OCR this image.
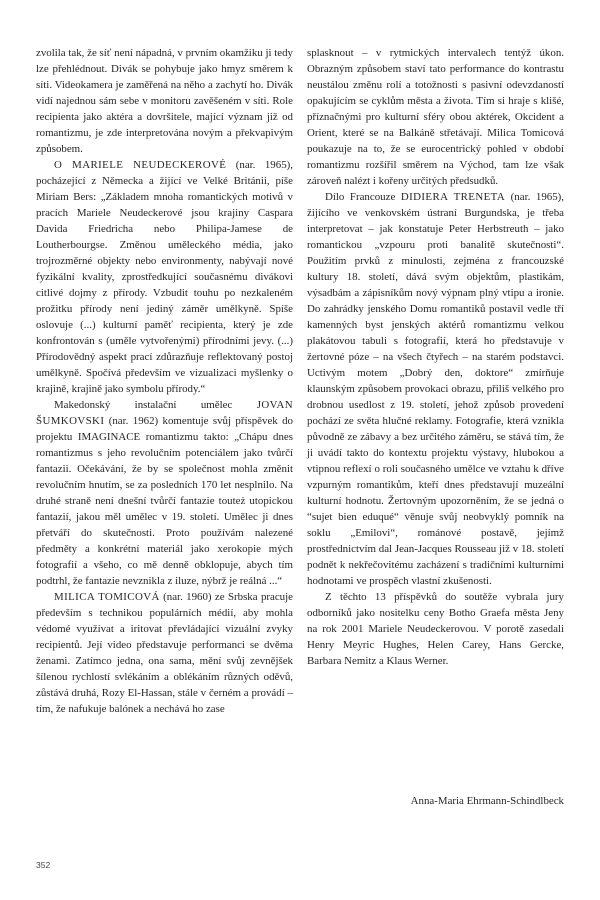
zvolila tak, že síť není nápadná, v prvním okamžiku ji tedy lze přehlédnout. Divák se pohybuje jako hmyz směrem k síti. Videokamera je zaměřená na něho a zachytí ho. Divák vidí najednou sám sebe v monitoru zavěšeném v síti. Role recipienta jako aktéra a dovršitele, mající význam již od romantizmu, je zde interpretována novým a překvapivým způsobem.

O MARIELE NEUDECKEROVÉ (nar. 1965), pocházející z Německa a žijící ve Velké Británii, píše Miriam Bers: „Základem mnoha romantických motivů v pracích Mariele Neudeckerové jsou krajiny Caspara Davida Friedricha nebo Philipa-Jamese de Loutherbourgse. Změnou uměleckého média, jako trojrozměrné objekty nebo environmenty, nabývají nové fyzikální kvality, zprostředkující současnému divákovi citlivé dojmy z přírody. Vzbudit touhu po nezkaleném prožitku přírody není jediný záměr umělkyně. Spíše oslovuje (...) kulturní paměť recipienta, který je zde konfrontován s (uměle vytvořenými) přírodními jevy. (...) Přírodovědný aspekt prací zdůrazňuje reflektovaný postoj umělkyně. Spočívá především ve vizualizaci myšlenky o krajině, krajině jako symbolu přírody.“

Makedonský instalační umělec JOVAN ŠUMKOVSKI (nar. 1962) komentuje svůj příspěvek do projektu IMAGINACE romantizmu takto: „Chápu dnes romantizmus s jeho revolučním potenciálem jako tvůrčí fantazii. Očekávání, že by se společnost mohla změnit revolučním hnutím, se za posledních 170 let nesplnilo. Na druhé straně není dnešní tvůrčí fantazie touteż utopickou fantazií, jakou měl umělec v 19. století. Umělec ji dnes přetváří do skutečnosti. Proto používám nalezené předměty a konkrétní materiál jako xerokopie mých fotografií a všeho, co mě denně obklopuje, abych tím podtrhl, že fantazie nevznikla z iluze, nýbrž je reálná ...“

MILICA TOMICOVÁ (nar. 1960) ze Srbska pracuje především s technikou populárních médií, aby mohla védomé využívat a iritovat převládající vizuální zvyky recipientů. Její video představuje performanci se dvěma ženami. Zatímco jedna, ona sama, mění svůj zevnějšek šílenou rychlostí svlékáním a oblékáním různých oděvů, zůstává druhá, Rozy El-Hassan, stále v černém a provádí – tím, že nafukuje balónek a nechává ho zase

splasknout – v rytmických intervalech tentýž úkon. Obrazným způsobem staví tato performance do kontrastu neustálou změnu rolí a totožnosti s pasivní odevzdaností opakujícím se cyklům města a života. Tím si hraje s klišé, příznačnými pro kulturní sféry obou aktérek, Okcident a Orient, které se na Balkáně střetávají. Milica Tomicová poukazuje na to, že se eurocentrický pohled v období romantizmu rozšířil směrem na Východ, tam lze však zároveň nalézt i kořeny určitých předsudků.

Dílo Francouze DIDIERA TRENETA (nar. 1965), žijícího ve venkovském ústraní Burgundska, je třeba interpretovat – jak konstatuje Peter Herbstreuth – jako romantickou „vzpouru proti banalitě skutečnosti“. Použitím prvků z minulosti, zejména z francouzské kultury 18. století, dává svým objektům, plastikám, výsadbám a zápisníkům nový výpnam plný vtipu a ironie. Do zahrádky jenského Domu romantiků postavil vedle tří kamenných byst jenských aktérů romantizmu velkou plakátovou tabuli s fotografií, která ho představuje v žertovné póze – na všech čtyřech – na starém podstavci. Uctivým motem „Dobrý den, doktore“ zmírňuje klaunským způsobem provokaci obrazu, přiliš velkého pro drobnou usedlost z 19. století, jehož způsob provedení pochází ze světa hlučné reklamy. Fotografie, která vznikla původně ze zábavy a bez určitého záměru, se stává tím, že ji uvádí takto do kontextu projektu výstavy, hlubokou a vtipnou reflexí o roli současného umělce ve vztahu k dříve vzpurným romantikům, kteří dnes představují muzeální kulturní hodnotu. Žertovným upozorněním, že se jedná o “sujet bien eduqué“ věnuje svůj neobvyklý pomník na soklu „Emilovi“, románové postavě, jejímž prostřednictvím dal Jean-Jacques Rousseau již v 18. století podnět k nekřečovitému zacházení s tradičními kulturními hodnotami ve prospěch vlastní zkušenosti.

Z těchto 13 příspěvků do soutěže vybrala jury odborníků jako nositelku ceny Botho Graefa města Jeny na rok 2001 Mariele Neudeckerovou. V porotě zasedali Henry Meyric Hughes, Helen Carey, Hans Gercke, Barbara Nemitz a Klaus Werner.

Anna-Maria Ehrmann-Schindlbeck
352
